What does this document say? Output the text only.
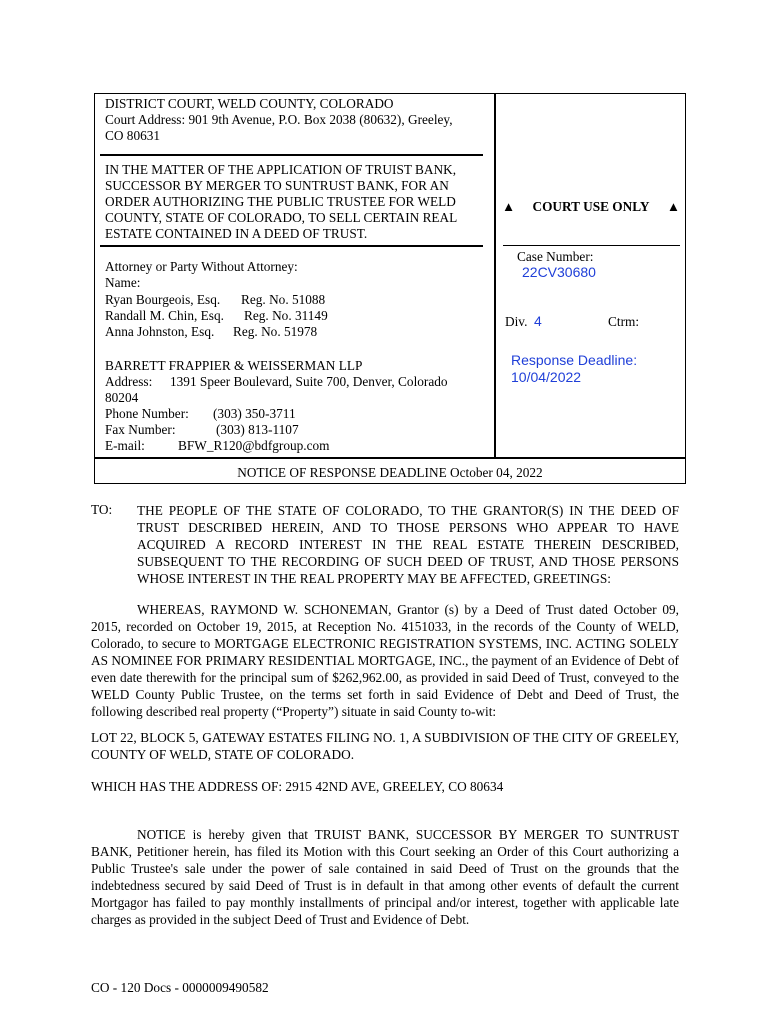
DISTRICT COURT, WELD COUNTY, COLORADO
Court Address: 901 9th Avenue, P.O. Box 2038 (80632), Greeley,
CO 80631
IN THE MATTER OF THE APPLICATION OF TRUIST BANK,
SUCCESSOR BY MERGER TO SUNTRUST BANK, FOR AN
ORDER AUTHORIZING THE PUBLIC TRUSTEE FOR WELD
COUNTY, STATE OF COLORADO, TO SELL CERTAIN REAL
ESTATE CONTAINED IN A DEED OF TRUST.
Attorney or Party Without Attorney:
Name:
Ryan Bourgeois, Esq. Reg. No. 51088
Randall M. Chin, Esq. Reg. No. 31149
Anna Johnston, Esq. Reg. No. 51978
BARRETT FRAPPIER & WEISSERMAN LLP
Address: 1391 Speer Boulevard, Suite 700, Denver, Colorado
80204
Phone Number: (303) 350-3711
Fax Number:	(303) 813-1107
E-mail: BFW_R120@bdfgroup.com
▲ COURT USE ONLY ▲
Case Number:
22CV30680
Div. 4	Ctrm:
Response Deadline:
10/04/2022
NOTICE OF RESPONSE DEADLINE October 04, 2022
TO: THE PEOPLE OF THE STATE OF COLORADO, TO THE GRANTOR(S) IN THE DEED OF TRUST DESCRIBED HEREIN, AND TO THOSE PERSONS WHO APPEAR TO HAVE ACQUIRED A RECORD INTEREST IN THE REAL ESTATE THEREIN DESCRIBED, SUBSEQUENT TO THE RECORDING OF SUCH DEED OF TRUST, AND THOSE PERSONS WHOSE INTEREST IN THE REAL PROPERTY MAY BE AFFECTED, GREETINGS:
WHEREAS, RAYMOND W. SCHONEMAN, Grantor (s) by a Deed of Trust dated October 09, 2015, recorded on October 19, 2015, at Reception No. 4151033, in the records of the County of WELD, Colorado, to secure to MORTGAGE ELECTRONIC REGISTRATION SYSTEMS, INC. ACTING SOLELY AS NOMINEE FOR PRIMARY RESIDENTIAL MORTGAGE, INC., the payment of an Evidence of Debt of even date therewith for the principal sum of $262,962.00, as provided in said Deed of Trust, conveyed to the WELD County Public Trustee, on the terms set forth in said Evidence of Debt and Deed of Trust, the following described real property (“Property”) situate in said County to-wit:
LOT 22, BLOCK 5, GATEWAY ESTATES FILING NO. 1, A SUBDIVISION OF THE CITY OF GREELEY, COUNTY OF WELD, STATE OF COLORADO.
WHICH HAS THE ADDRESS OF: 2915 42ND AVE, GREELEY, CO 80634
NOTICE is hereby given that TRUIST BANK, SUCCESSOR BY MERGER TO SUNTRUST BANK, Petitioner herein, has filed its Motion with this Court seeking an Order of this Court authorizing a Public Trustee's sale under the power of sale contained in said Deed of Trust on the grounds that the indebtedness secured by said Deed of Trust is in default in that among other events of default the current Mortgagor has failed to pay monthly installments of principal and/or interest, together with applicable late charges as provided in the subject Deed of Trust and Evidence of Debt.
CO - 120 Docs - 0000009490582
